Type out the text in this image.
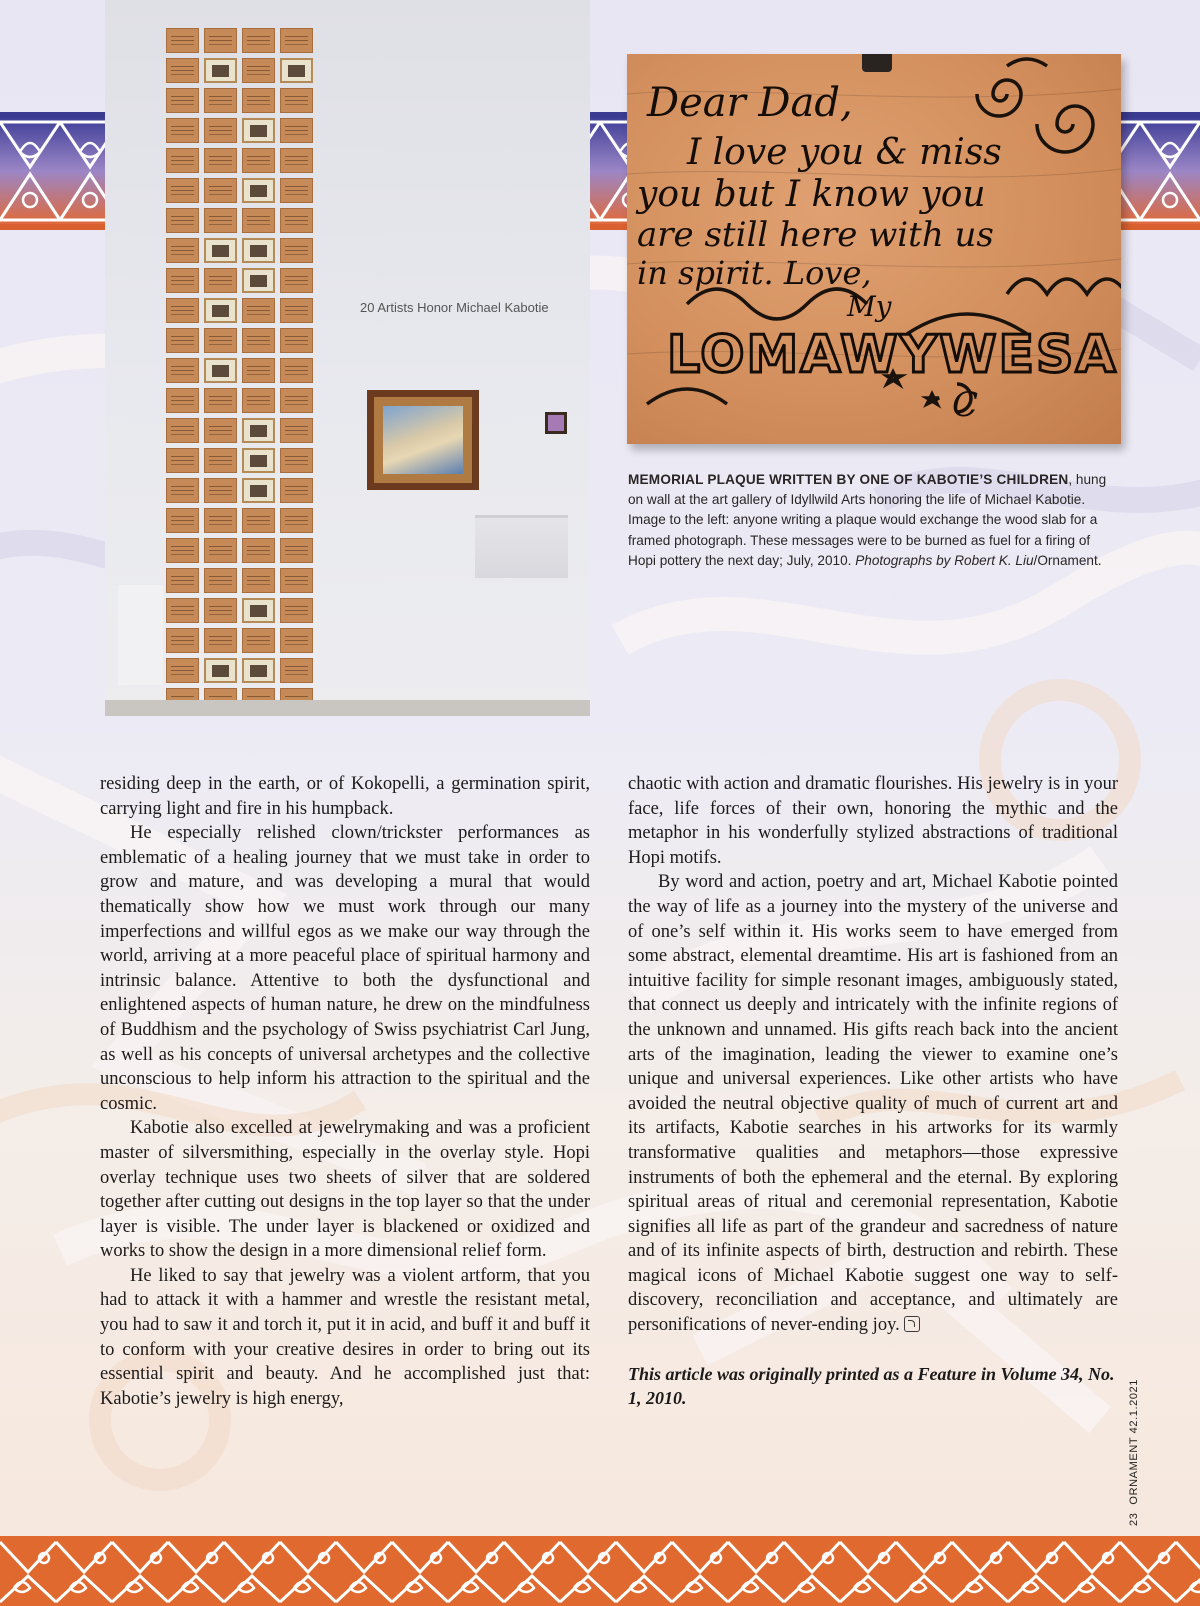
20 Artists Honor Michael Kabotie
Dear Dad,
I love you & miss
you but I know you
are still here with us
in spirit. Love,
My
LOMAWYWESA
C
MEMORIAL PLAQUE WRITTEN BY ONE OF KABOTIE’S CHILDREN, hung on wall at the art gallery of Idyllwild Arts honoring the life of Michael Kabotie. Image to the left: anyone writing a plaque would exchange the wood slab for a framed photograph. These messages were to be burned as fuel for a firing of Hopi pottery the next day; July, 2010. Photographs by Robert K. Liu/Ornament.

residing deep in the earth, or of Kokopelli, a germination spirit, carrying light and fire in his humpback.

He especially relished clown/trickster performances as emblematic of a healing journey that we must take in order to grow and mature, and was developing a mural that would thematically show how we must work through our many imperfections and willful egos as we make our way through the world, arriving at a more peaceful place of spiritual harmony and intrinsic balance. Attentive to both the dysfunctional and enlightened aspects of human nature, he drew on the mindfulness of Buddhism and the psychology of Swiss psychiatrist Carl Jung, as well as his concepts of universal archetypes and the collective unconscious to help inform his attraction to the spiritual and the cosmic.

Kabotie also excelled at jewelrymaking and was a proficient master of silversmithing, especially in the overlay style. Hopi overlay technique uses two sheets of silver that are soldered together after cutting out designs in the top layer so that the under layer is visible. The under layer is blackened or oxidized and works to show the design in a more dimensional relief form.

He liked to say that jewelry was a violent artform, that you had to attack it with a hammer and wrestle the resistant metal, you had to saw it and torch it, put it in acid, and buff it and buff it to conform with your creative desires in order to bring out its essential spirit and beauty. And he accomplished just that: Kabotie’s jewelry is high energy,

chaotic with action and dramatic flourishes. His jewelry is in your face, life forces of their own, honoring the mythic and the metaphor in his wonderfully stylized abstractions of traditional Hopi motifs.

By word and action, poetry and art, Michael Kabotie pointed the way of life as a journey into the mystery of the universe and of one’s self within it. His works seem to have emerged from some abstract, elemental dreamtime. His art is fashioned from an intuitive facility for simple resonant images, ambiguously stated, that connect us deeply and intricately with the infinite regions of the unknown and unnamed. His gifts reach back into the ancient arts of the imagination, leading the viewer to examine one’s unique and universal experiences. Like other artists who have avoided the neutral objective quality of much of current art and its artifacts, Kabotie searches in his artworks for its warmly transformative qualities and metaphors—those expressive instruments of both the ephemeral and the eternal. By exploring spiritual areas of ritual and ceremonial representation, Kabotie signifies all life as part of the grandeur and sacredness of nature and of its infinite aspects of birth, destruction and rebirth. These magical icons of Michael Kabotie suggest one way to self-discovery, reconciliation and acceptance, and ultimately are personifications of never-ending joy.

This article was originally printed as a Feature in Volume 34, No. 1, 2010.

23ORNAMENT 42.1.2021
